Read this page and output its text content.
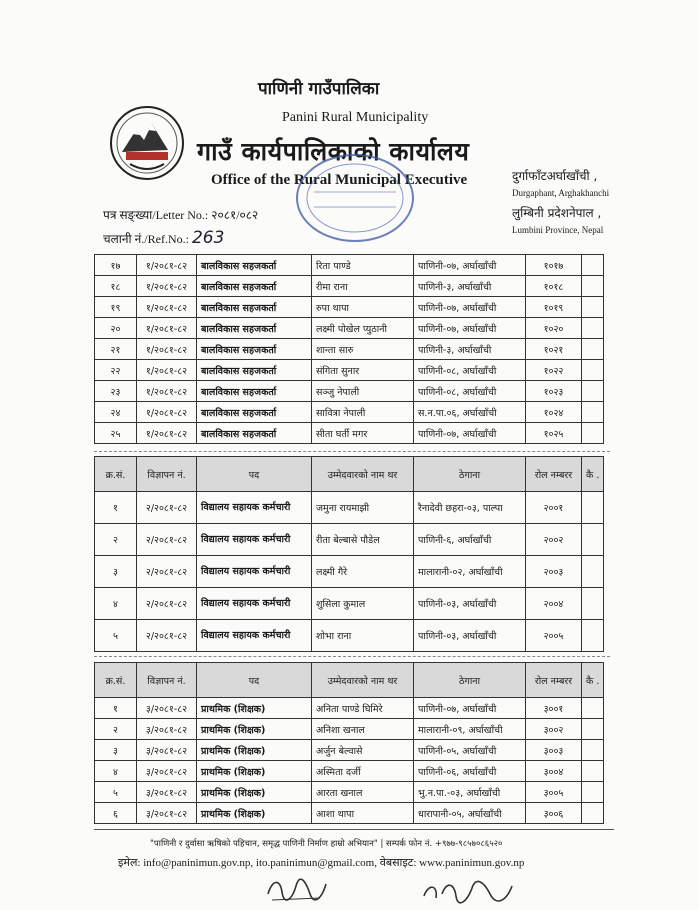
पाणिनी गाउँपालिका
Panini Rural Municipality
गाउँ कार्यपालिकाको कार्यालय
Office of the Rural Municipal Executive	दुर्गाफाँटअर्घाखाँची ,
Durgaphant, Arghakhanchi
लुम्बिनी प्रदेशनेपाल ,
Lumbini Province, Nepal
पत्र सङ्ख्या/Letter No.: २०८१/०८२
चलानी नं./Ref.No.: 263
१७	१/२०८१-८२	बालविकास सहजकर्ता	रिता पाण्डे	पाणिनी-०७, अर्घाखाँची	१०१७	
१८	१/२०८१-८२	बालविकास सहजकर्ता	रीमा राना	पाणिनी-३, अर्घाखाँची	१०१८	
१९	१/२०८१-८२	बालविकास सहजकर्ता	रुपा थापा	पाणिनी-०७, अर्घाखाँची	१०१९	
२०	१/२०८१-८२	बालविकास सहजकर्ता	लक्ष्मी पोखेल प्युठानी	पाणिनी-०७, अर्घाखाँची	१०२०	
२१	१/२०८१-८२	बालविकास सहजकर्ता	शान्ता सारु	पाणिनी-३, अर्घाखाँची	१०२१	
२२	१/२०८१-८२	बालविकास सहजकर्ता	संगिता सुनार	पाणिनी-०८, अर्घाखाँची	१०२२	
२३	१/२०८१-८२	बालविकास सहजकर्ता	सञ्जु नेपाली	पाणिनी-०८, अर्घाखाँची	१०२३	
२४	१/२०८१-८२	बालविकास सहजकर्ता	सावित्रा नेपाली	स.न.पा.०६, अर्घाखाँची	१०२४	
२५	१/२०८१-८२	बालविकास सहजकर्ता	सीता घर्ती मगर	पाणिनी-०७, अर्घाखाँची	१०२५	
क्र.सं.	विज्ञापन नं.	पद	उम्मेदवारको नाम थर	ठेगाना	रोल नम्बरर	कै .
१	२/२०८१-८२	विद्यालय सहायक कर्मचारी	जमुना रायमाझी	रैनादेवी छहरा-०३, पाल्पा	२००१	
२	२/२०८१-८२	विद्यालय सहायक कर्मचारी	रीता बेल्बासे पौडेल	पाणिनी-६, अर्घाखाँची	२००२	
३	२/२०८१-८२	विद्यालय सहायक कर्मचारी	लक्ष्मी गैरे	मालारानी-०२, अर्घाखाँची	२००३	
४	२/२०८१-८२	विद्यालय सहायक कर्मचारी	शुसिला कुमाल	पाणिनी-०३, अर्घाखाँची	२००४	
५	२/२०८१-८२	विद्यालय सहायक कर्मचारी	शोभा राना	पाणिनी-०३, अर्घाखाँची	२००५	
क्र.सं.	विज्ञापन नं.	पद	उम्मेदवारको नाम थर	ठेगाना	रोल नम्बरर	कै .
१	३/२०८१-८२	प्राथमिक (शिक्षक)	अनिता पाण्डे घिमिरे	पाणिनी-०७, अर्घाखाँची	३००१	
२	३/२०८१-८२	प्राथमिक (शिक्षक)	अनिशा खनाल	मालारानी-०९, अर्घाखाँची	३००२	
३	३/२०८१-८२	प्राथमिक (शिक्षक)	अर्जुन बेल्वासे	पाणिनी-०५, अर्घाखाँची	३००३	
४	३/२०८१-८२	प्राथमिक (शिक्षक)	अस्मिता दर्जी	पाणिनी-०६, अर्घाखाँची	३००४	
५	३/२०८१-८२	प्राथमिक (शिक्षक)	आरता खनाल	भु.न.पा.-०३, अर्घाखाँची	३००५	
६	३/२०८१-८२	प्राथमिक (शिक्षक)	आशा थापा	धारापानी-०५, अर्घाखाँची	३००६	
"पाणिनी र दुर्वासा ऋषिको पहिचान, समृद्ध पाणिनी निर्माण हाम्रो अभियान" | सम्पर्क फोन नं. +९७७-९८५७०८६५२०
इमेल: info@paninimun.gov.np, ito.paninimun@gmail.com, वेबसाइट: www.paninimun.gov.np
